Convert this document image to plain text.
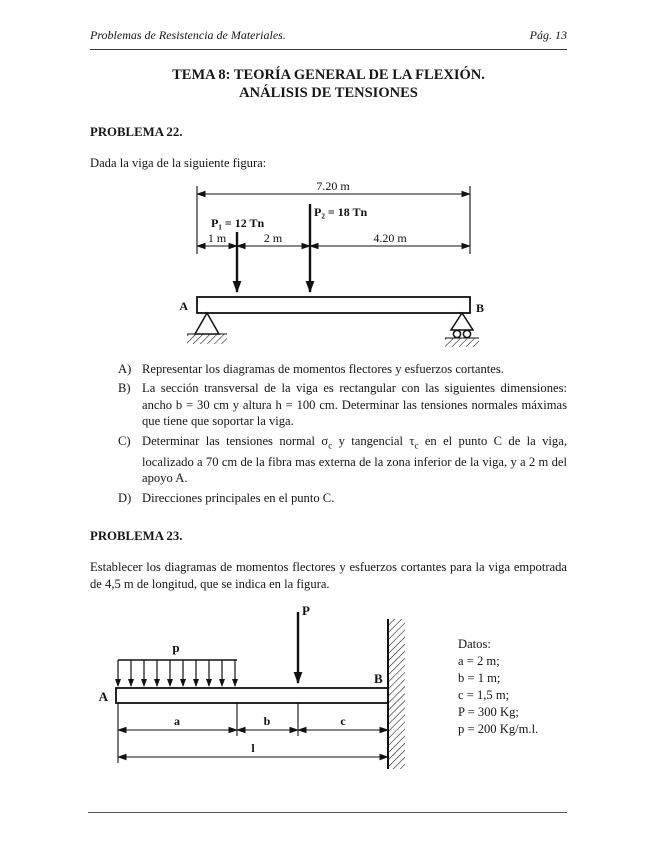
Problemas de Resistencia de Materiales.	Pág. 13
TEMA 8: TEORÍA GENERAL DE LA FLEXIÓN.
ANÁLISIS DE TENSIONES
PROBLEMA 22.

Dada la viga de la siguiente figura:

7.20 m
P₁ = 12 Tn
P₂ = 18 Tn
1 m	2 m	4.20 m
A	B
A) Representar los diagramas de momentos flectores y esfuerzos cortantes.
B) La sección transversal de la viga es rectangular con las siguientes dimensiones: ancho b = 30 cm y altura h = 100 cm. Determinar las tensiones normales máximas que tiene que soportar la viga.
C) Determinar las tensiones normal $\sigma_c$ y tangencial $\tau_c$ en el punto C de la viga, localizado a 70 cm de la fibra mas externa de la zona inferior de la viga, y a 2 m del apoyo A.
D) Direcciones principales en el punto C.
PROBLEMA 23.

Establecer los diagramas de momentos flectores y esfuerzos cortantes para la viga empotrada de 4,5 m de longitud, que se indica en la figura.

P
p
A
B
a	b	c
l
Datos:
a = 2 m;
b = 1 m;
c = 1,5 m;
P = 300 Kg;
p = 200 Kg/m.l.
